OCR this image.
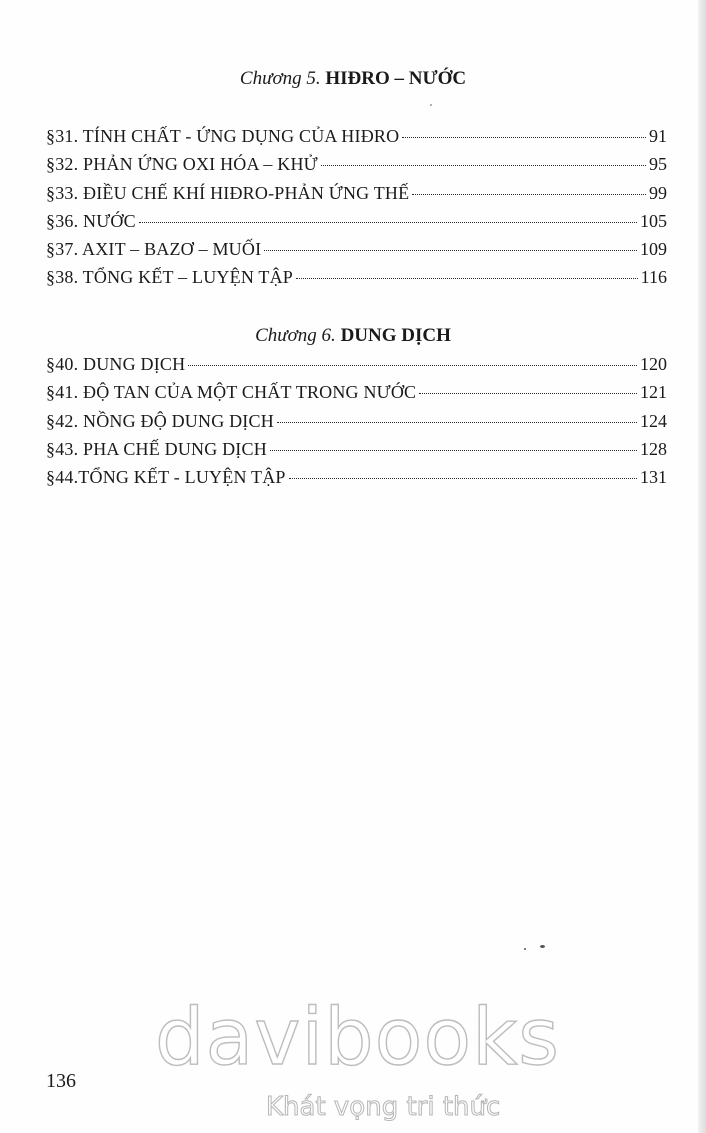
Chương 5. HIĐRO – NƯỚC
§31. TÍNH CHẤT - ỨNG DỤNG CỦA HIĐRO	91
§32. PHẢN ỨNG OXI HÓA – KHỬ	95
§33. ĐIỀU CHẾ KHÍ HIĐRO-PHẢN ỨNG THẾ	99
§36. NƯỚC	105
§37. AXIT – BAZƠ – MUỐI	109
§38. TỔNG KẾT – LUYỆN TẬP	116
Chương 6. DUNG DỊCH
§40. DUNG DỊCH	120
§41. ĐỘ TAN CỦA MỘT CHẤT TRONG NƯỚC	121
§42. NỒNG ĐỘ DUNG DỊCH	124
§43. PHA CHẾ DUNG DỊCH	128
§44.TỔNG KẾT - LUYỆN TẬP	131
136 davibooks
Khát vọng tri thức
